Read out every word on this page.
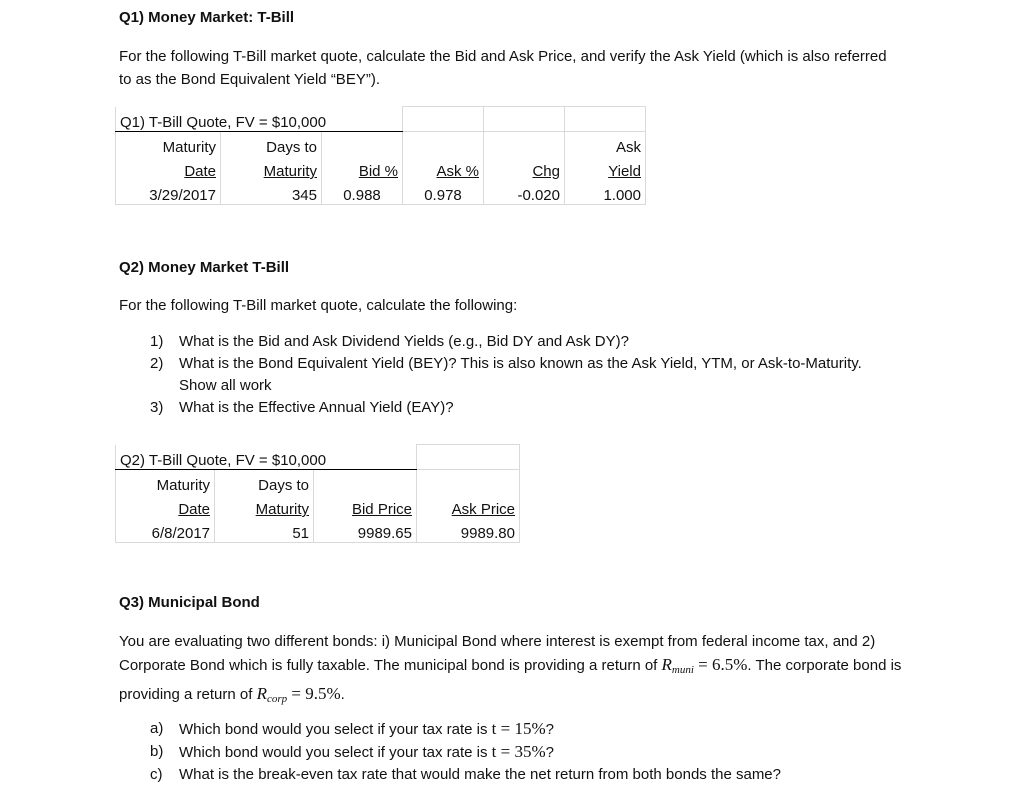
Q1) Money Market: T-Bill
For the following T-Bill market quote, calculate the Bid and Ask Price, and verify the Ask Yield (which is also referred to as the Bond Equivalent Yield “BEY”).
Q1) T-Bill Quote, FV = $10,000					
Maturity	Days to				Ask
Date	Maturity	Bid %	Ask %	Chg	Yield
3/29/2017	345	0.988	0.978	-0.020	1.000
Q2) Money Market T-Bill
For the following T-Bill market quote, calculate the following:
1) What is the Bid and Ask Dividend Yields (e.g., Bid DY and Ask DY)?
2) What is the Bond Equivalent Yield (BEY)? This is also known as the Ask Yield, YTM, or Ask-to-Maturity. Show all work
3) What is the Effective Annual Yield (EAY)?
Q2) T-Bill Quote, FV = $10,000			
Maturity	Days to		
Date	Maturity	Bid Price	Ask Price
6/8/2017	51	9989.65	9989.80
Q3) Municipal Bond
You are evaluating two different bonds: i) Municipal Bond where interest is exempt from federal income tax, and 2) Corporate Bond which is fully taxable. The municipal bond is providing a return of $R_{muni} = 6.5\%$. The corporate bond is providing a return of $R_{corp} = 9.5\%$.
a) Which bond would you select if your tax rate is t = 15%?
b) Which bond would you select if your tax rate is t = 35%?
c) What is the break-even tax rate that would make the net return from both bonds the same?
